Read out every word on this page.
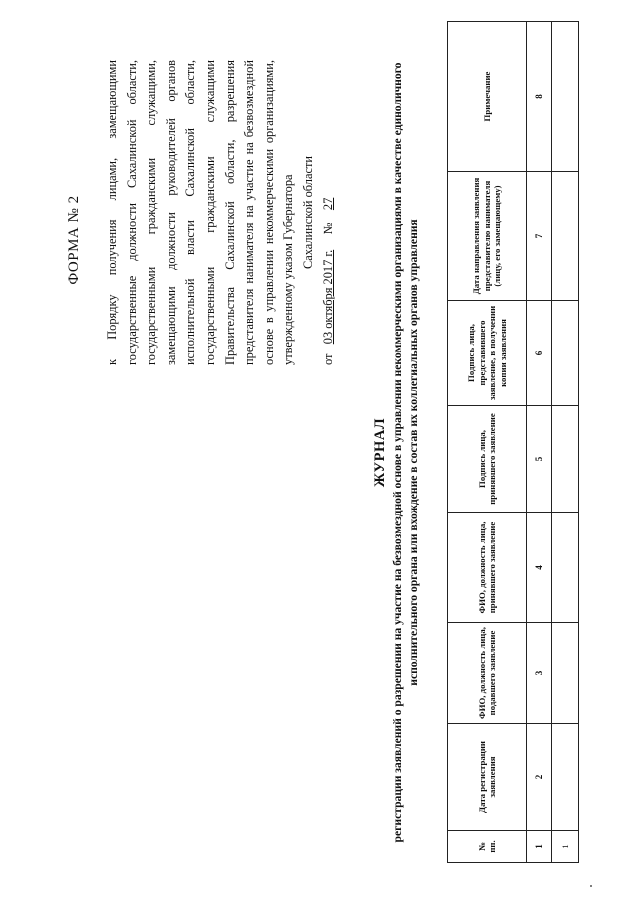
ФОРМА № 2 к Порядку получения лицами, замещающими государственные должности Сахалинской области, государственными гражданскими служащими, замещающими должности руководителей органов исполнительной власти Сахалинской области, государственными гражданскими служащими Правительства Сахалинской области, разрешения представителя нанимателя на участие на безвозмездной основе в управлении некоммерческими организациями, утвержденному указом Губернатора Сахалинской области
от   03 октября 2017 г.     №    27
ЖУРНАЛ регистрации заявлений о разрешении на участие на безвозмездной основе в управлении некоммерческими организациями в качестве единоличного исполнительного органа или вхождение в состав их коллегиальных органов управления
№ пп.	Дата регистрации заявления	ФИО, должность лица, подавшего заявление	ФИО, должность лица, принявшего заявление	Подпись лица, принявшего заявление	Подпись лица, представившего заявление, в получении копии заявления	Дата направления заявления представителю нанимателя (лицу, его замещающему)	Примечание
1	2	3	4	5	6	7	8
1							
